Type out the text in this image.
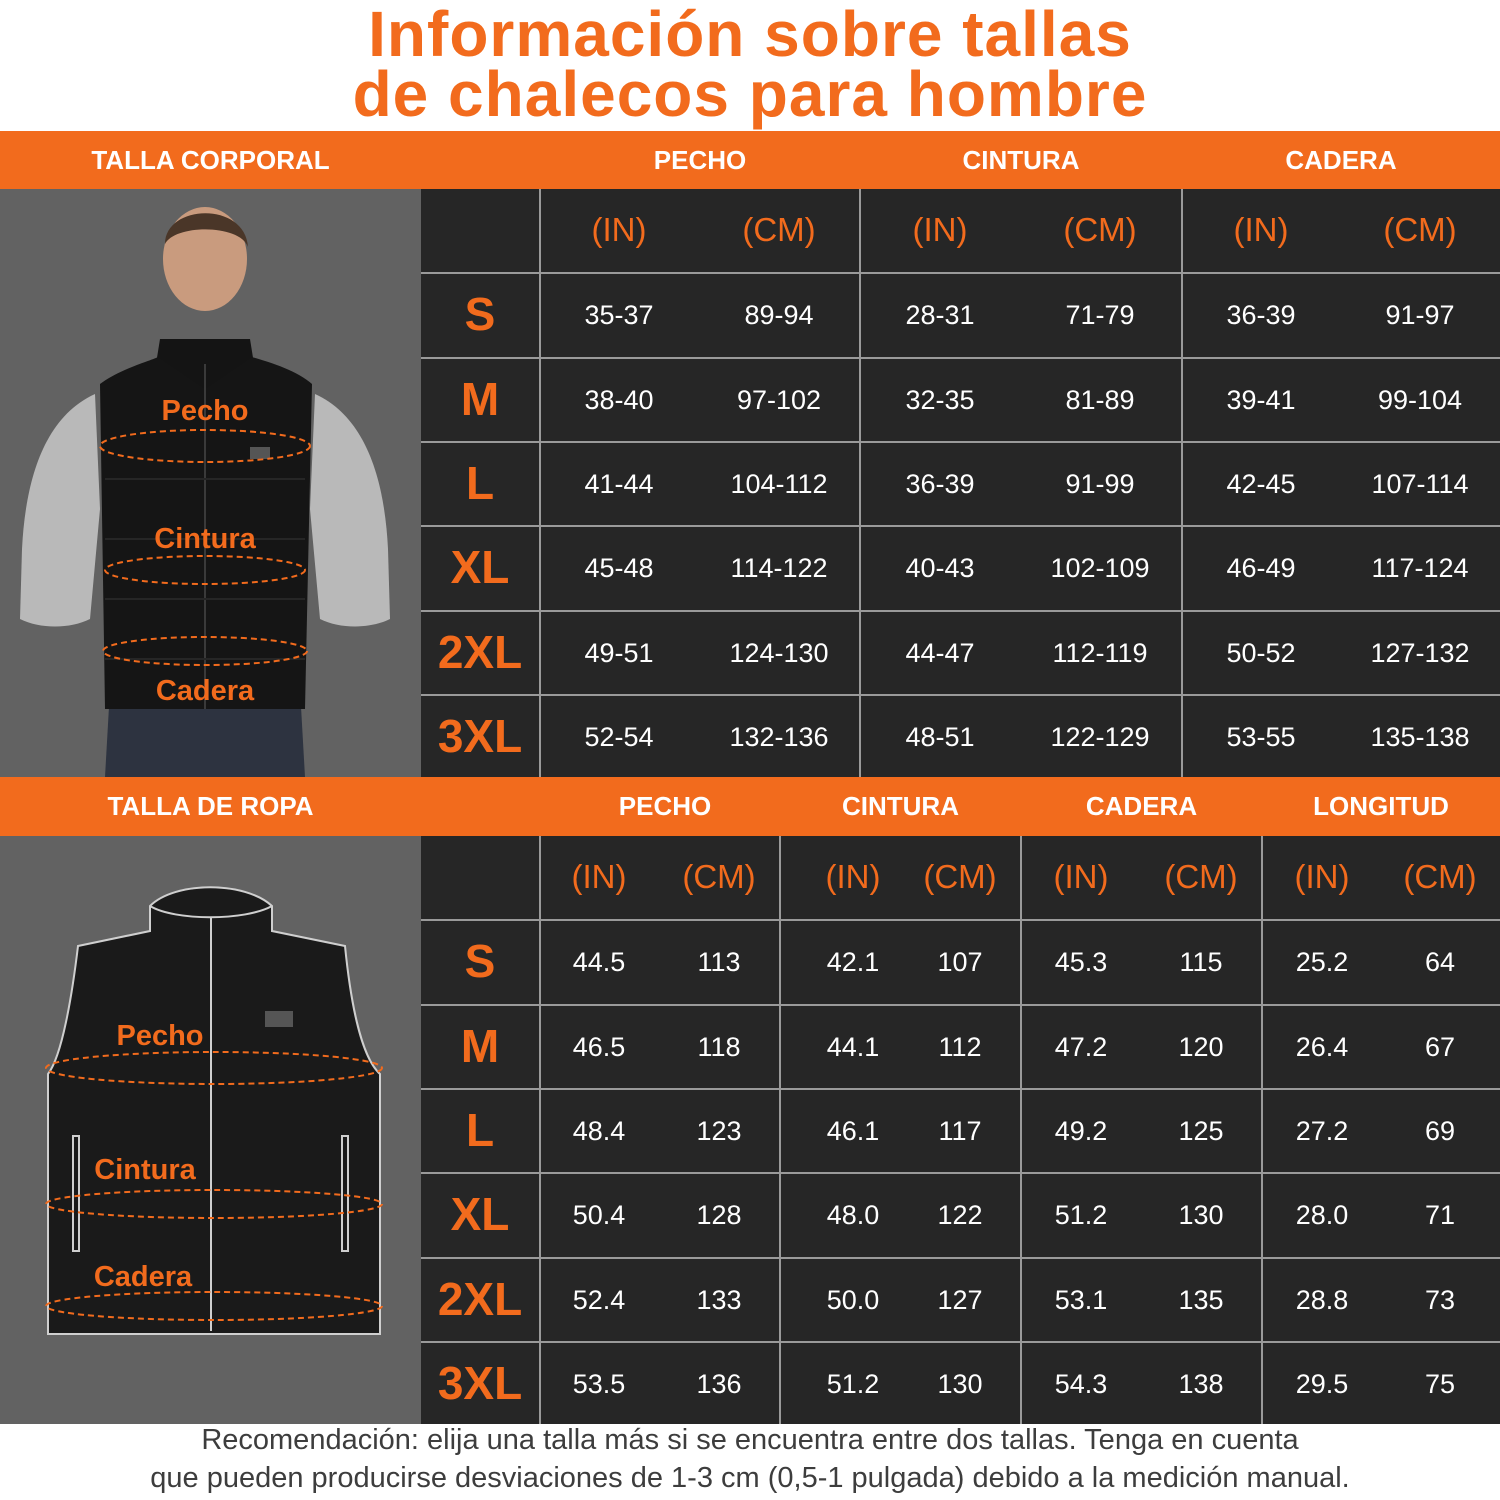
Información sobre tallas
de chalecos para hombre
TALLA CORPORAL	PECHO	CINTURA	CADERA
Pecho
Cintura
Cadera
(IN)	(CM)	(IN)	(CM)	(IN)	(CM)
S	35-37	89-94	28-31	71-79	36-39	91-97
M	38-40	97-102	32-35	81-89	39-41	99-104
L	41-44	104-112	36-39	91-99	42-45	107-114
XL	45-48	114-122	40-43	102-109	46-49	117-124
2XL	49-51	124-130	44-47	112-119	50-52	127-132
3XL	52-54	132-136	48-51	122-129	53-55	135-138
TALLA DE ROPA	PECHO	CINTURA	CADERA	LONGITUD
Pecho
Cintura
Cadera
(IN)	(CM)	(IN)	(CM)	(IN)	(CM)	(IN)	(CM)
S	44.5	113	42.1	107	45.3	115	25.2	64
M	46.5	118	44.1	112	47.2	120	26.4	67
L	48.4	123	46.1	117	49.2	125	27.2	69
XL	50.4	128	48.0	122	51.2	130	28.0	71
2XL	52.4	133	50.0	127	53.1	135	28.8	73
3XL	53.5	136	51.2	130	54.3	138	29.5	75
Recomendación: elija una talla más si se encuentra entre dos tallas. Tenga en cuenta
que pueden producirse desviaciones de 1-3 cm (0,5-1 pulgada) debido a la medición manual.
